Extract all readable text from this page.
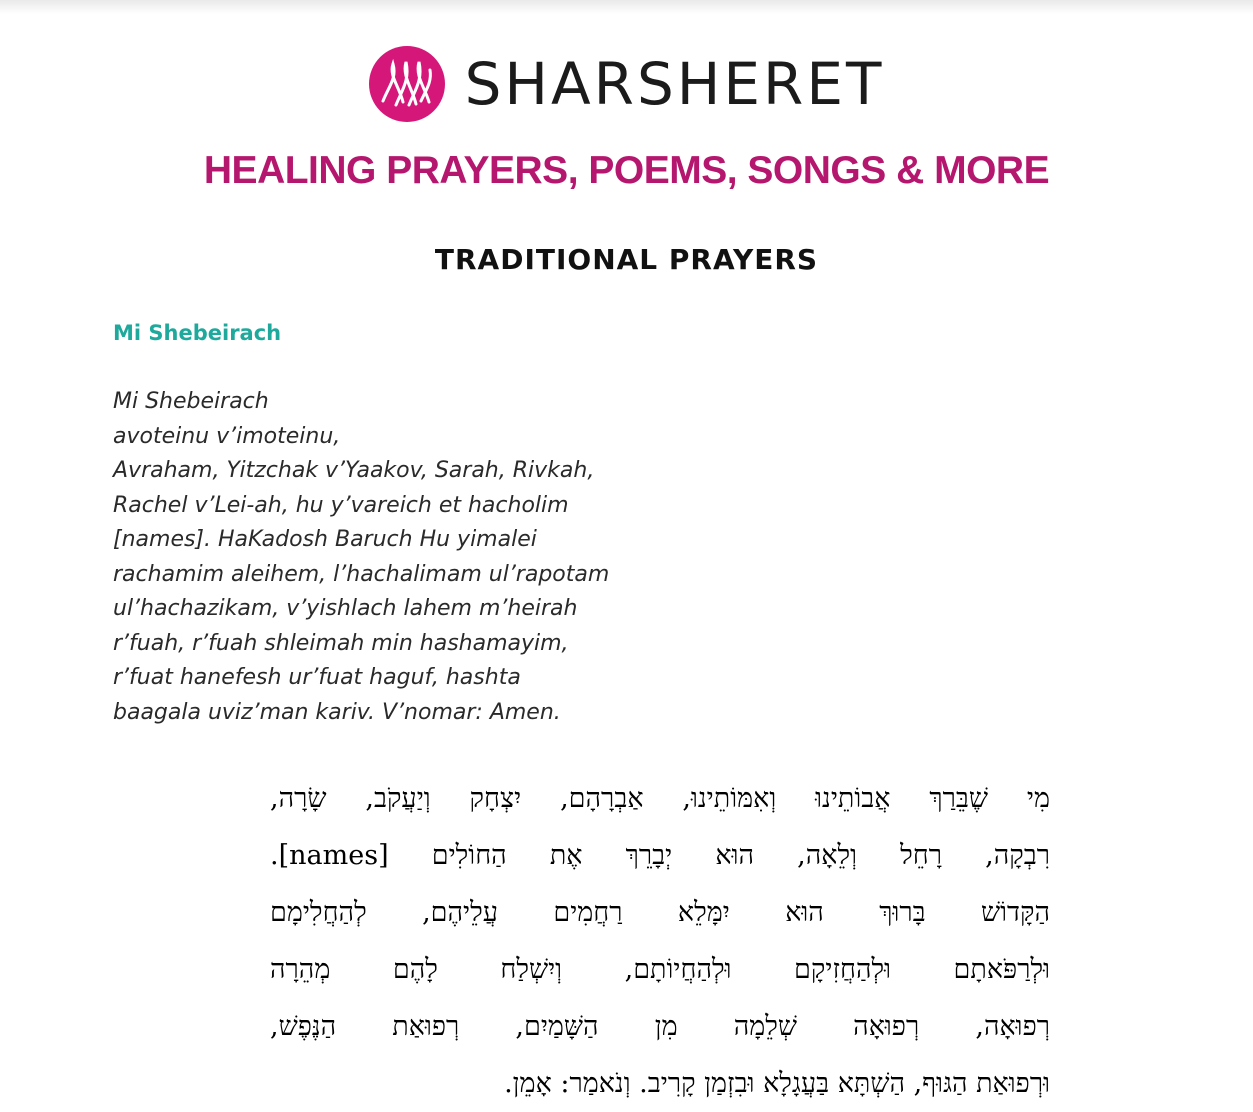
SHARSHERET
HEALING PRAYERS, POEMS, SONGS & MORE
TRADITIONAL PRAYERS
Mi Shebeirach
Mi Shebeirach
avoteinu v’imoteinu,
Avraham, Yitzchak v’Yaakov, Sarah, Rivkah,
Rachel v’Lei-ah, hu y’vareich et hacholim
[names]. HaKadosh Baruch Hu yimalei
rachamim aleihem, l’hachalimam ul’rapotam
ul’hachazikam, v’yishlach lahem m’heirah
r’fuah, r’fuah shleimah min hashamayim,
r’fuat hanefesh ur’fuat haguf, hashta
baagala uviz’man kariv. V’nomar: Amen.
מִי שֶׁבֵּרַךְ אֲבוֹתֵינוּ וְאִמּוֹתֵינוּ, אַבְרָהָם, יִצְחָק וְיַעֲקֹב, שָׂרָה,
רִבְקָה, רָחֵל וְלֵאָה, הוּא יְבָרֵךְ אֶת הַחוֹלִים [names].
הַקָּדוֹשׁ בָּרוּךְ הוּא יִמָּלֵא רַחֲמִים עֲלֵיהֶם, לְהַחֲלִימָם
וּלְרַפֹּאתָם וּלְהַחֲזִיקָם וּלְהַחֲיוֹתָם, וְיִשְׁלַח לָהֶם מְהֵרָה
רְפוּאָה, רְפוּאָה שְׁלֵמָה מִן הַשָּׁמַיִם, רְפוּאַת הַנֶּפֶשׁ,
וּרְפוּאַת הַגּוּף, הַשְׁתָּא בַּעֲגָלָא וּבִזְמַן קָרִיב. וְנֹאמַר: אָמֵן.
